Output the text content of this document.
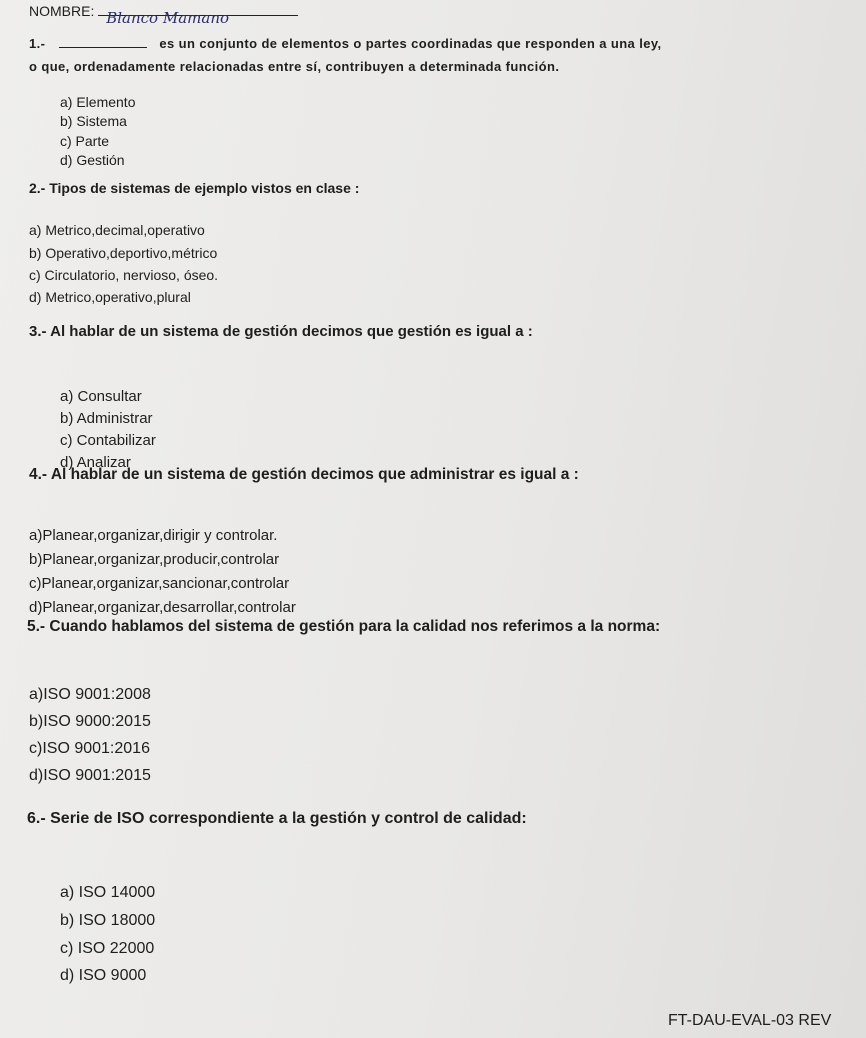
NOMBRE: Blanco Mamano
1.-	es un conjunto de elementos o partes coordinadas que responden a una ley,
o que, ordenadamente relacionadas entre sí, contribuyen a determinada función.
a) Elemento
b) Sistema
c) Parte
d) Gestión
2.- Tipos de sistemas de ejemplo vistos en clase :
a) Metrico,decimal,operativo
b) Operativo,deportivo,métrico
c) Circulatorio, nervioso, óseo.
d) Metrico,operativo,plural
3.- Al hablar de un sistema de gestión decimos que gestión es igual a :
a) Consultar
b) Administrar
c) Contabilizar
d) Analizar
4.- Al hablar de un sistema de gestión decimos que administrar es igual a :
a)Planear,organizar,dirigir y controlar.
b)Planear,organizar,producir,controlar
c)Planear,organizar,sancionar,controlar
d)Planear,organizar,desarrollar,controlar
5.- Cuando hablamos del sistema de gestión para la calidad nos referimos a la norma:
a)ISO 9001:2008
b)ISO 9000:2015
c)ISO 9001:2016
d)ISO 9001:2015
6.- Serie de ISO correspondiente a la gestión y control de calidad:
a) ISO 14000
b) ISO 18000
c) ISO 22000
d) ISO 9000
FT-DAU-EVAL-03 REV
